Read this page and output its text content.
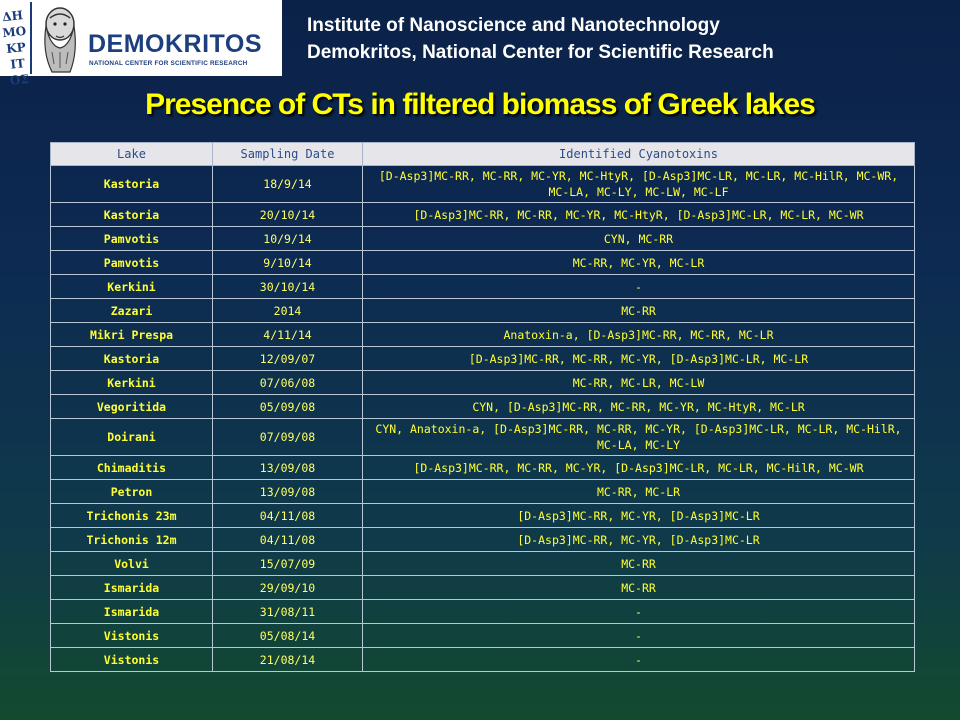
ΔΗΜΟΚΡΙΤΟΣ
DEMOKRITOS
NATIONAL CENTER FOR SCIENTIFIC RESEARCH
Institute of Nanoscience and Nanotechnology
Demokritos, National Center for Scientific Research
Presence of CTs in filtered biomass of Greek lakes
Lake	Sampling Date	Identified Cyanotoxins
Kastoria	18/9/14	[D-Asp3]MC-RR, MC-RR, MC-YR, MC-HtyR, [D-Asp3]MC-LR, MC-LR, MC-HilR, MC-WR, MC-LA, MC-LY, MC-LW, MC-LF
Kastoria	20/10/14	[D-Asp3]MC-RR, MC-RR, MC-YR, MC-HtyR, [D-Asp3]MC-LR, MC-LR, MC-WR
Pamvotis	10/9/14	CYN, MC-RR
Pamvotis	9/10/14	MC-RR, MC-YR, MC-LR
Kerkini	30/10/14	-
Zazari	2014	MC-RR
Mikri Prespa	4/11/14	Anatoxin-a, [D-Asp3]MC-RR, MC-RR, MC-LR
Kastoria	12/09/07	[D-Asp3]MC-RR, MC-RR, MC-YR, [D-Asp3]MC-LR, MC-LR
Kerkini	07/06/08	MC-RR, MC-LR, MC-LW
Vegoritida	05/09/08	CYN, [D-Asp3]MC-RR, MC-RR, MC-YR, MC-HtyR, MC-LR
Doirani	07/09/08	CYN, Anatoxin-a, [D-Asp3]MC-RR, MC-RR, MC-YR, [D-Asp3]MC-LR, MC-LR, MC-HilR, MC-LA, MC-LY
Chimaditis	13/09/08	[D-Asp3]MC-RR, MC-RR, MC-YR, [D-Asp3]MC-LR, MC-LR, MC-HilR, MC-WR
Petron	13/09/08	MC-RR, MC-LR
Trichonis 23m	04/11/08	[D-Asp3]MC-RR, MC-YR, [D-Asp3]MC-LR
Trichonis 12m	04/11/08	[D-Asp3]MC-RR, MC-YR, [D-Asp3]MC-LR
Volvi	15/07/09	MC-RR
Ismarida	29/09/10	MC-RR
Ismarida	31/08/11	-
Vistonis	05/08/14	-
Vistonis	21/08/14	-
